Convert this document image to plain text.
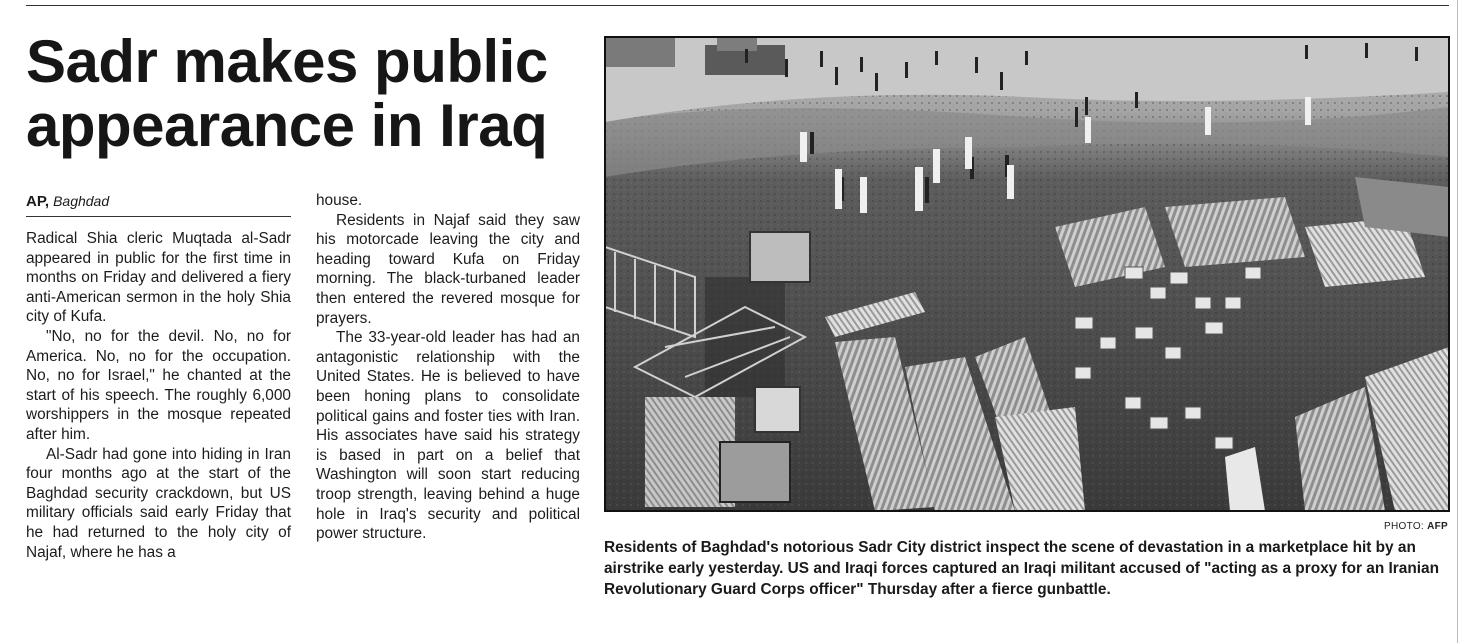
Sadr makes public appearance in Iraq
AP, Baghdad

Radical Shia cleric Muqtada al-Sadr appeared in public for the first time in months on Friday and delivered a fiery anti-American sermon in the holy Shia city of Kufa.

"No, no for the devil. No, no for America. No, no for the occupation. No, no for Israel," he chanted at the start of his speech. The roughly 6,000 worshippers in the mosque repeated after him.

Al-Sadr had gone into hiding in Iran four months ago at the start of the Baghdad security crackdown, but US military officials said early Friday that he had returned to the holy city of Najaf, where he has a

house.

Residents in Najaf said they saw his motorcade leaving the city and heading toward Kufa on Friday morning. The black-turbaned leader then entered the revered mosque for prayers.

The 33-year-old leader has had an antagonistic relationship with the United States. He is believed to have been honing plans to consolidate political gains and foster ties with Iran. His associates have said his strategy is based in part on a belief that Washington will soon start reducing troop strength, leaving behind a huge hole in Iraq's security and political power structure.	PHOTO: AFP

Residents of Baghdad's notorious Sadr City district inspect the scene of devastation in a marketplace hit by an airstrike early yesterday. US and Iraqi forces captured an Iraqi militant accused of "acting as a proxy for an Iranian Revolutionary Guard Corps officer" Thursday after a fierce gunbattle.
